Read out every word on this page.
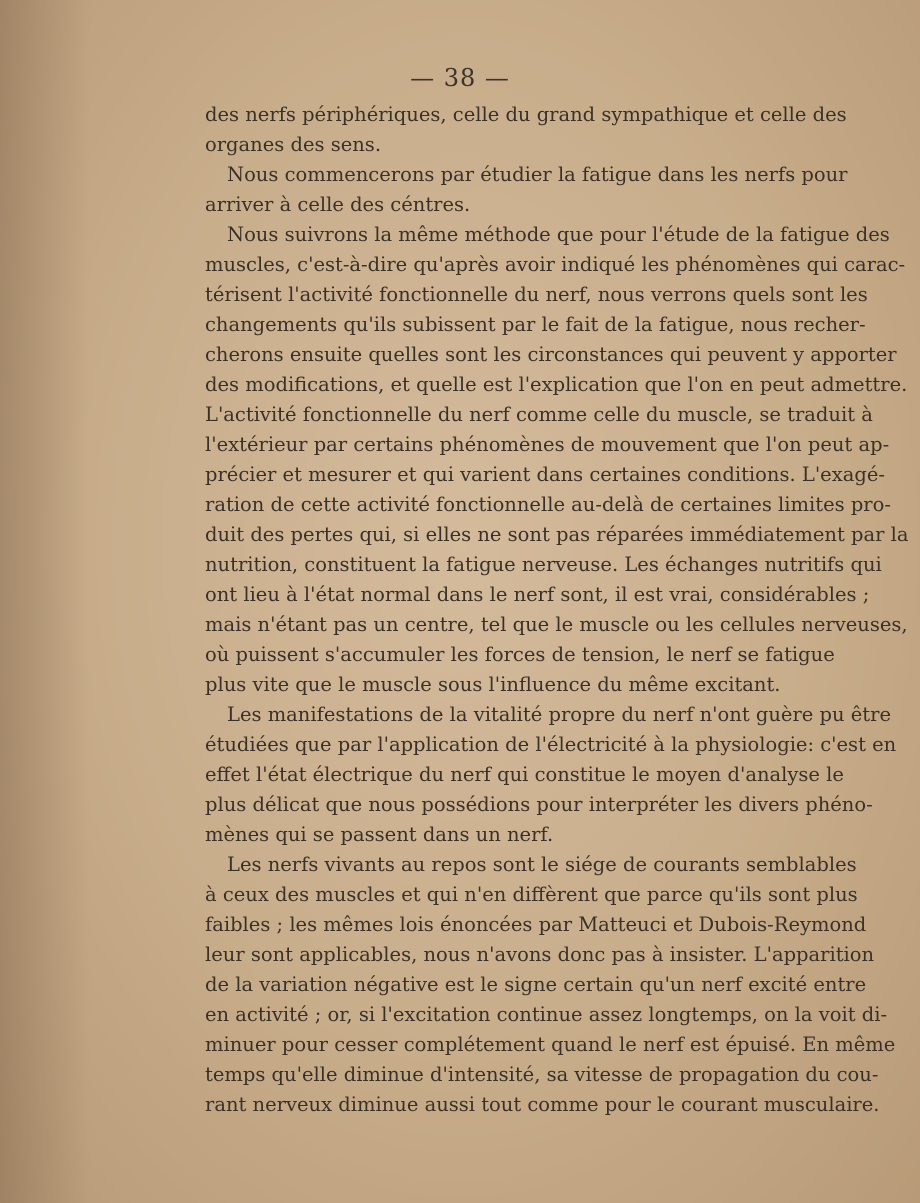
— 38 —
des nerfs périphériques, celle du grand sympathique et celle des
organes des sens.
Nous commencerons par étudier la fatigue dans les nerfs pour
arriver à celle des céntres.
Nous suivrons la même méthode que pour l'étude de la fatigue des
muscles, c'est-à-dire qu'après avoir indiqué les phénomènes qui carac-
térisent l'activité fonctionnelle du nerf, nous verrons quels sont les
changements qu'ils subissent par le fait de la fatigue, nous recher-
cherons ensuite quelles sont les circonstances qui peuvent y apporter
des modifications, et quelle est l'explication que l'on en peut admettre.
L'activité fonctionnelle du nerf comme celle du muscle, se traduit à
l'extérieur par certains phénomènes de mouvement que l'on peut ap-
précier et mesurer et qui varient dans certaines conditions. L'exagé-
ration de cette activité fonctionnelle au-delà de certaines limites pro-
duit des pertes qui, si elles ne sont pas réparées immédiatement par la
nutrition, constituent la fatigue nerveuse. Les échanges nutritifs qui
ont lieu à l'état normal dans le nerf sont, il est vrai, considérables ;
mais n'étant pas un centre, tel que le muscle ou les cellules nerveuses,
où puissent s'accumuler les forces de tension, le nerf se fatigue
plus vite que le muscle sous l'influence du même excitant.
Les manifestations de la vitalité propre du nerf n'ont guère pu être
étudiées que par l'application de l'électricité à la physiologie: c'est en
effet l'état électrique du nerf qui constitue le moyen d'analyse le
plus délicat que nous possédions pour interpréter les divers phéno-
mènes qui se passent dans un nerf.
Les nerfs vivants au repos sont le siége de courants semblables
à ceux des muscles et qui n'en diffèrent que parce qu'ils sont plus
faibles ; les mêmes lois énoncées par Matteuci et Dubois-Reymond
leur sont applicables, nous n'avons donc pas à insister. L'apparition
de la variation négative est le signe certain qu'un nerf excité entre
en activité ; or, si l'excitation continue assez longtemps, on la voit di-
minuer pour cesser complétement quand le nerf est épuisé. En même
temps qu'elle diminue d'intensité, sa vitesse de propagation du cou-
rant nerveux diminue aussi tout comme pour le courant musculaire.
